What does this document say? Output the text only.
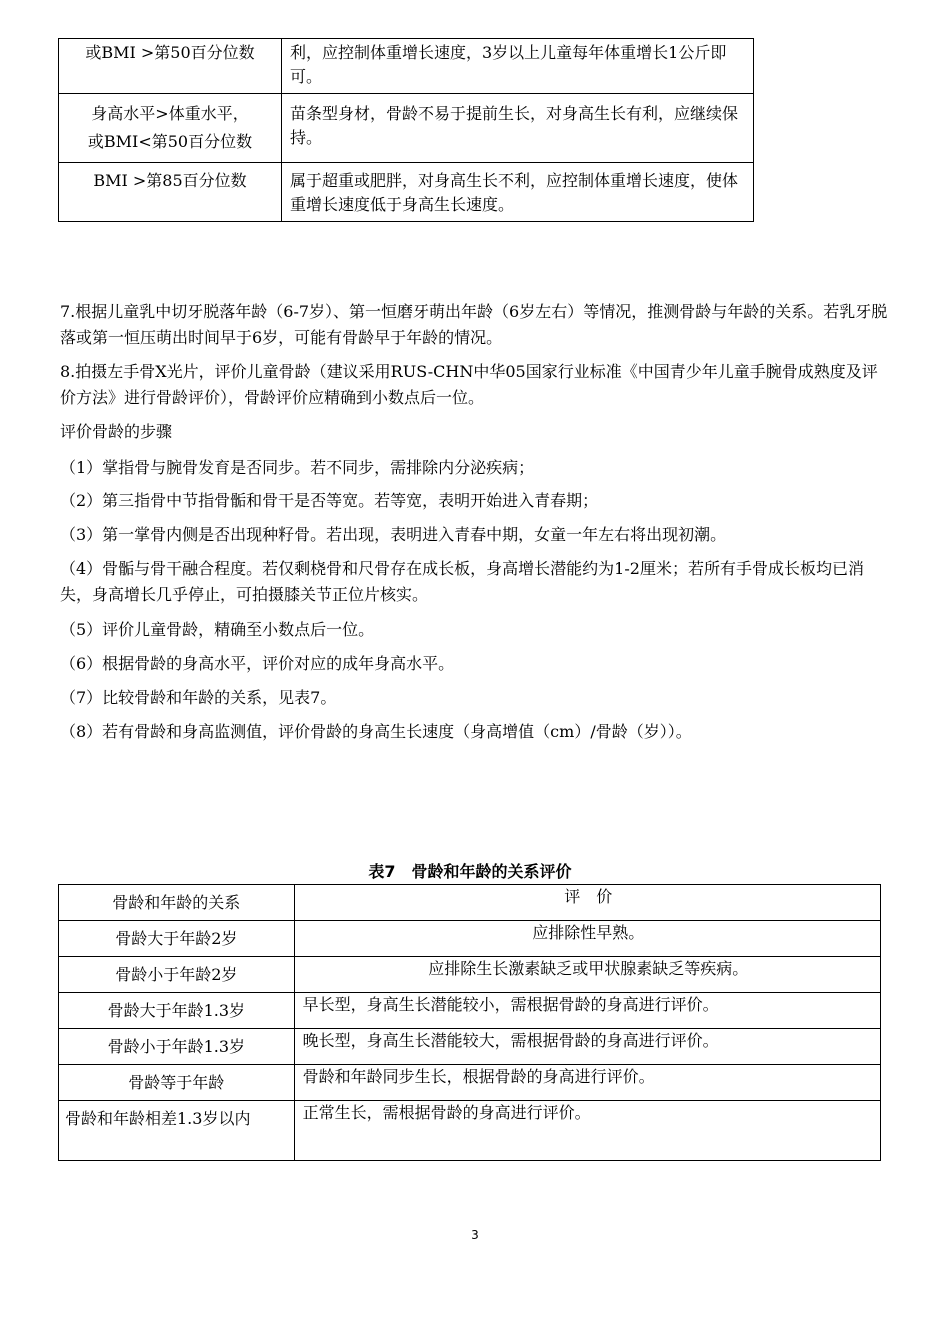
或BMI >第50百分位数	利，应控制体重增长速度，3岁以上儿童每年体重增长1公斤即可。

身高水平>体重水平，
或BMI<第50百分位数	苗条型身材，骨龄不易于提前生长，对身高生长有利，应继续保持。
BMI >第85百分位数	属于超重或肥胖，对身高生长不利，应控制体重增长速度，使体重增长速度低于身高生长速度。
7.根据儿童乳中切牙脱落年龄（6-7岁）、第一恒磨牙萌出年龄（6岁左右）等情况，推测骨龄与年龄的关系。若乳牙脱落或第一恒压萌出时间早于6岁，可能有骨龄早于年龄的情况。
8.拍摄左手骨X光片，评价儿童骨龄（建议采用RUS-CHN中华05国家行业标准《中国青少年儿童手腕骨成熟度及评价方法》进行骨龄评价），骨龄评价应精确到小数点后一位。
评价骨龄的步骤
（1）掌指骨与腕骨发育是否同步。若不同步，需排除内分泌疾病；
（2）第三指骨中节指骨骺和骨干是否等宽。若等宽，表明开始进入青春期；
（3）第一掌骨内侧是否出现种籽骨。若出现，表明进入青春中期，女童一年左右将出现初潮。
（4）骨骺与骨干融合程度。若仅剩桡骨和尺骨存在成长板，身高增长潜能约为1-2厘米；若所有手骨成长板均已消失，身高增长几乎停止，可拍摄膝关节正位片核实。
（5）评价儿童骨龄，精确至小数点后一位。
（6）根据骨龄的身高水平，评价对应的成年身高水平。
（7）比较骨龄和年龄的关系，见表7。
（8）若有骨龄和身高监测值，评价骨龄的身高生长速度（身高增值（cm）/骨龄（岁））。
表7　骨龄和年龄的关系评价
骨龄和年龄的关系	评　价
骨龄大于年龄2岁	应排除性早熟。
骨龄小于年龄2岁	应排除生长激素缺乏或甲状腺素缺乏等疾病。
骨龄大于年龄1.3岁	早长型，身高生长潜能较小，需根据骨龄的身高进行评价。
骨龄小于年龄1.3岁	晚长型，身高生长潜能较大，需根据骨龄的身高进行评价。
骨龄等于年龄	骨龄和年龄同步生长，根据骨龄的身高进行评价。
骨龄和年龄相差1.3岁以内	正常生长，需根据骨龄的身高进行评价。
3
